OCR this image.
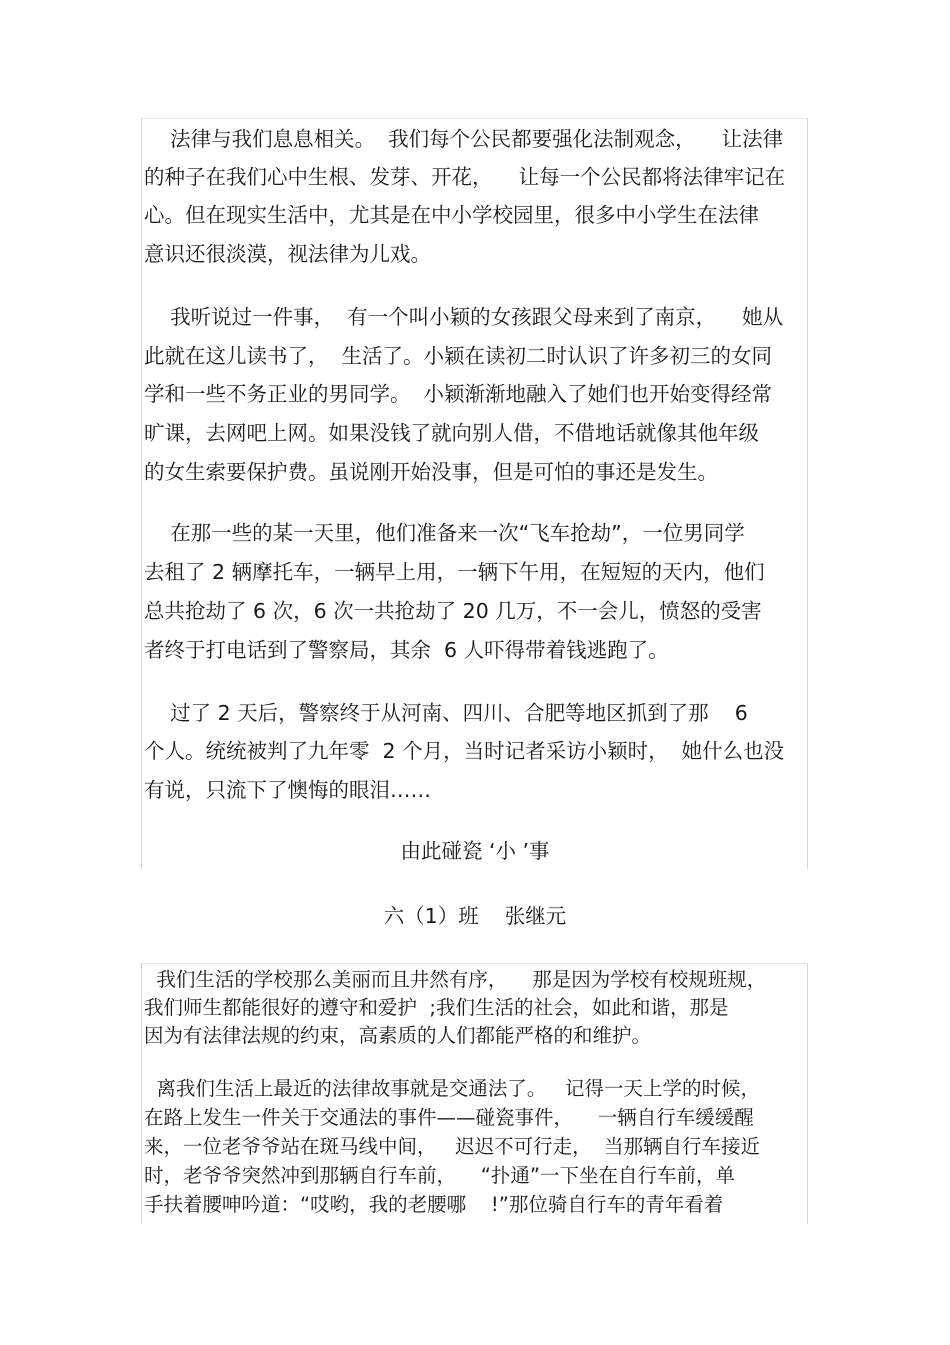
法律与我们息息相关。  我们每个公民都要强化法制观念，    让法律
的种子在我们心中生根、发芽、开花，    让每一个公民都将法律牢记在
心。但在现实生活中，尤其是在中小学校园里，很多中小学生在法律
意识还很淡漠，视法律为儿戏。
我听说过一件事，  有一个叫小颖的女孩跟父母来到了南京，    她从
此就在这儿读书了，  生活了。小颖在读初二时认识了许多初三的女同
学和一些不务正业的男同学。  小颖渐渐地融入了她们也开始变得经常
旷课，去网吧上网。如果没钱了就向别人借，不借地话就像其他年级
的女生索要保护费。虽说刚开始没事，但是可怕的事还是发生。
在那一些的某一天里，他们准备来一次“飞车抢劫”，一位男同学
去租了 2 辆摩托车，一辆早上用，一辆下午用，在短短的天内，他们
总共抢劫了 6 次，6 次一共抢劫了 20 几万，不一会儿，愤怒的受害
者终于打电话到了警察局，其余  6 人吓得带着钱逃跑了。
过了 2 天后，警察终于从河南、四川、合肥等地区抓到了那    6
个人。统统被判了九年零  2 个月，当时记者采访小颖时，  她什么也没
有说，只流下了懊悔的眼泪……
由此碰瓷 ‘小 ’事
六（1）班    张继元
我们生活的学校那么美丽而且井然有序，    那是因为学校有校规班规，
我们师生都能很好的遵守和爱护  ;我们生活的社会，如此和谐，那是
因为有法律法规的约束，高素质的人们都能严格的和维护。
离我们生活上最近的法律故事就是交通法了。   记得一天上学的时候，
在路上发生一件关于交通法的事件——碰瓷事件，    一辆自行车缓缓醒
来，一位老爷爷站在斑马线中间，   迟迟不可行走，  当那辆自行车接近
时，老爷爷突然冲到那辆自行车前，    “扑通”一下坐在自行车前，单
手扶着腰呻吟道：“哎哟，我的老腰哪    !”那位骑自行车的青年看着
